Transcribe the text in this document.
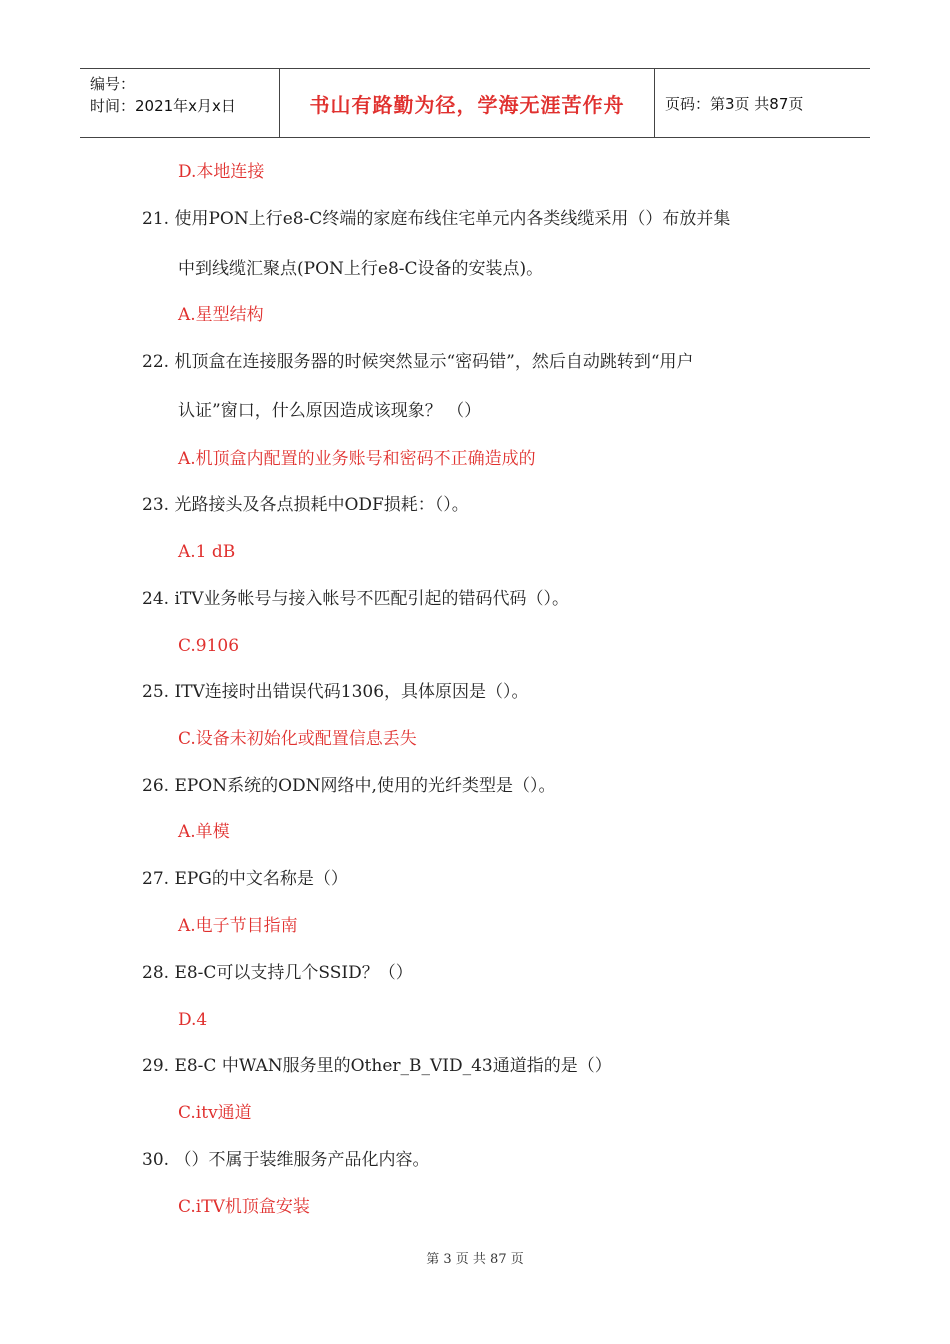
编号：
时间：2021年x月x日	书山有路勤为径，学海无涯苦作舟	页码：第3页 共87页
D.本地连接
21. 使用PON上行e8-C终端的家庭布线住宅单元内各类线缆采用（）布放并集
中到线缆汇聚点(PON上行e8-C设备的安装点)。
A.星型结构
22. 机顶盒在连接服务器的时候突然显示“密码错”，然后自动跳转到“用户
认证”窗口，什么原因造成该现象？ （）
A.机顶盒内配置的业务账号和密码不正确造成的
23. 光路接头及各点损耗中ODF损耗：（）。
A.1 dB
24. iTV业务帐号与接入帐号不匹配引起的错码代码（）。
C.9106
25. ITV连接时出错误代码1306，具体原因是（）。
C.设备未初始化或配置信息丢失
26. EPON系统的ODN网络中,使用的光纤类型是（）。
A.单模
27. EPG的中文名称是（）
A.电子节目指南
28. E8-C可以支持几个SSID？（）
D.4
29. E8-C 中WAN服务里的Other_B_VID_43通道指的是（）
C.itv通道
30. （）不属于装维服务产品化内容。
C.iTV机顶盒安装
第 3 页 共 87 页
